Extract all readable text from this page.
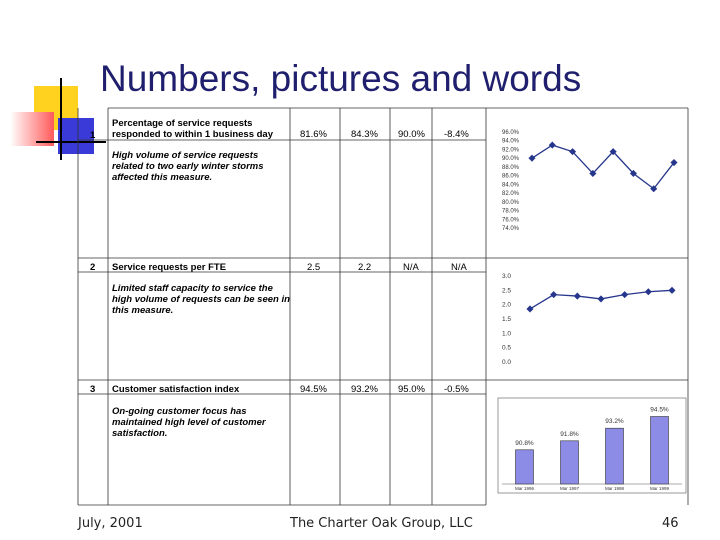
Numbers, pictures and words
1
Percentage of service requests
responded to within 1 business day	81.6%	84.3% 90.0% -8.4%
High volume of service requests
related to two early winter storms
affected this measure.
2 Service requests per FTE	2.5	2.2	N/A	N/A
Limited staff capacity to service the
high volume of requests can be seen in
this measure.
3 Customer satisfaction index	94.5%	93.2% 95.0% -0.5%
On-going customer focus has
maintained high level of customer
satisfaction.
96.0%
94.0%
92.0%
90.0%
88.0%
86.0%
84.0%
82.0%
80.0%
78.0%
76.0%
74.0%
3.0
2.5
2.0
1.5
1.0
0.5
0.0
90.8%
Mar 1996
91.8%
Mar 1997
93.2%
Mar 1998
94.5%
Mar 1999
July, 2001	The Charter Oak Group, LLC	46
